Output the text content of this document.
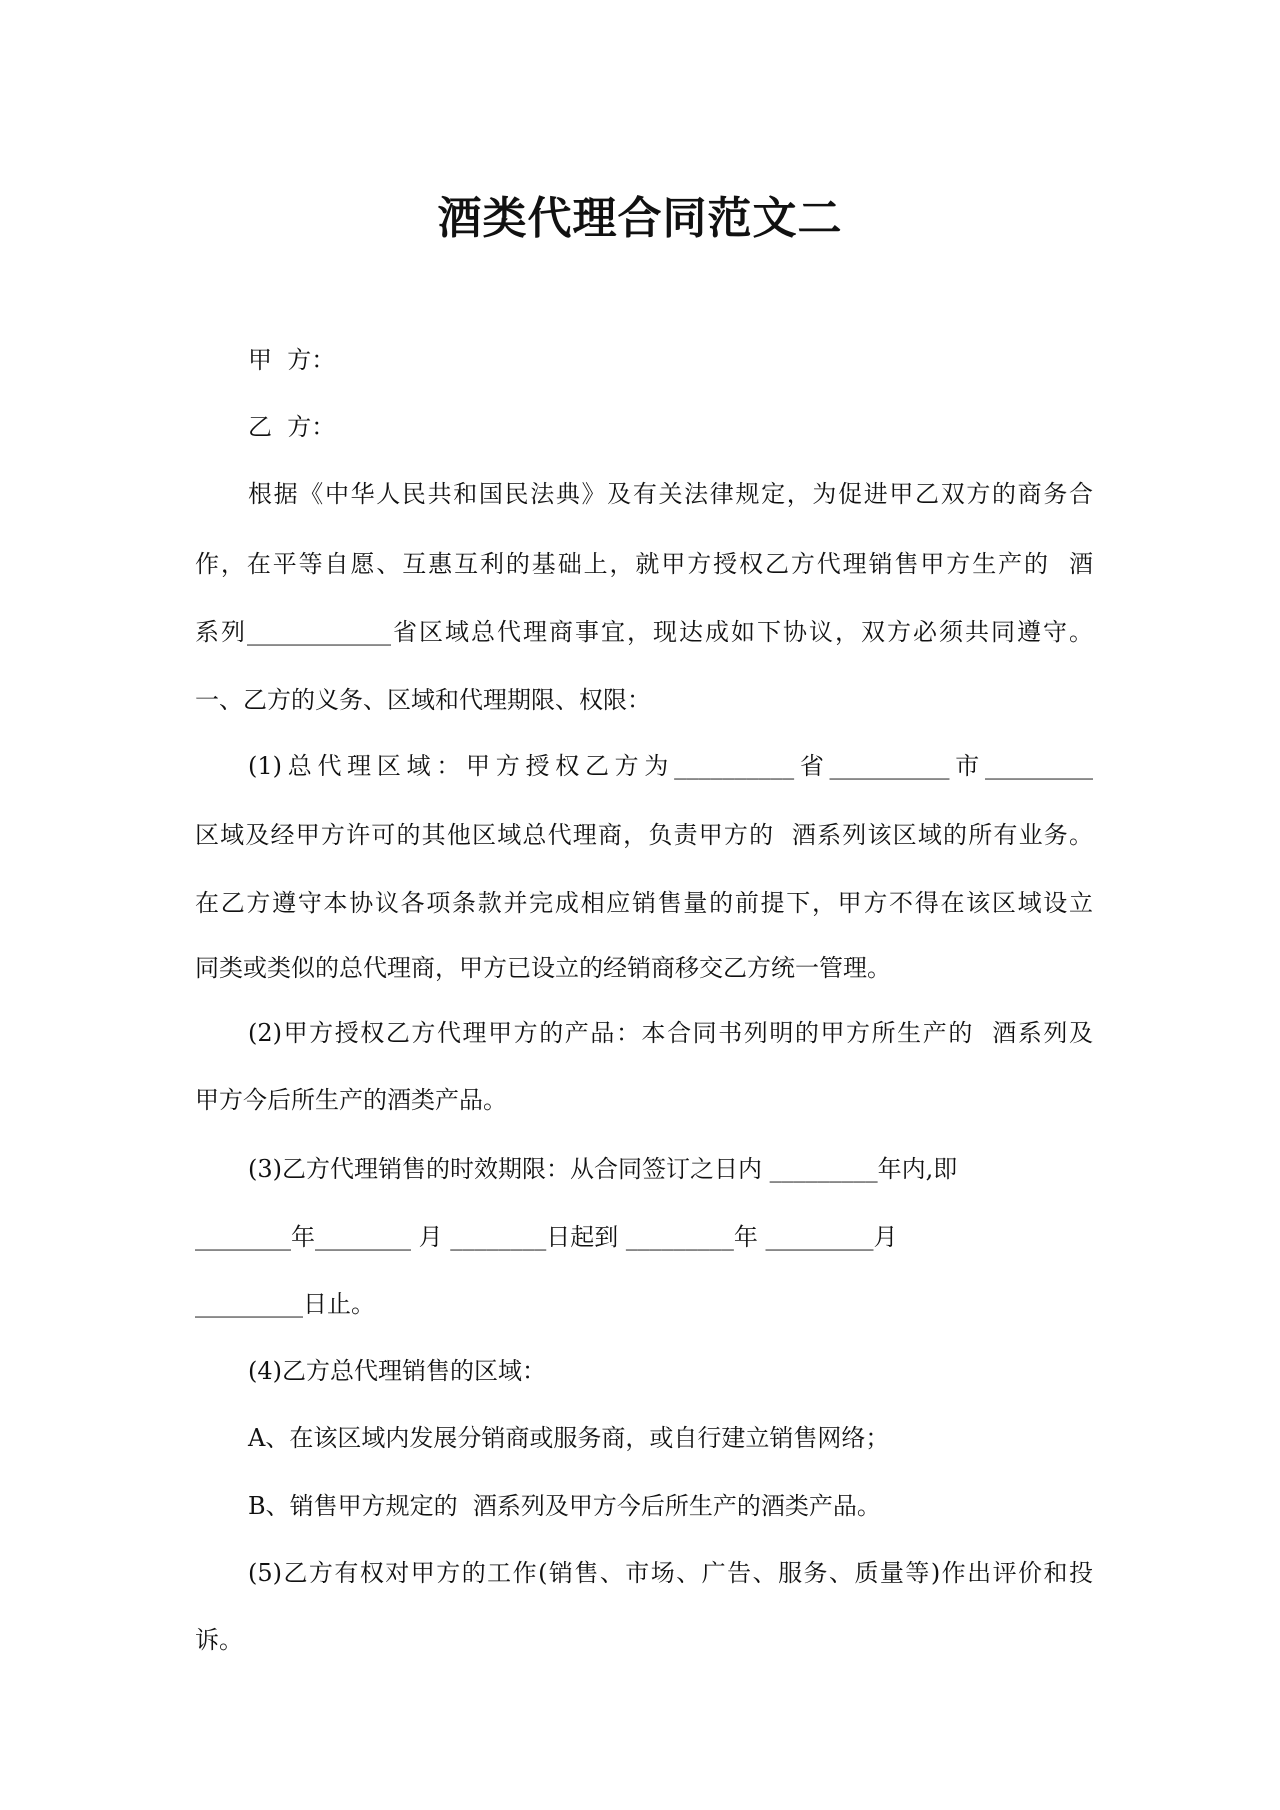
酒类代理合同范文二
甲  方：
乙  方：
根据《中华人民共和国民法典》及有关法律规定，为促进甲乙双方的商务合
作，在平等自愿、互惠互利的基础上，就甲方授权乙方代理销售甲方生产的  酒
系列____________省区域总代理商事宜，现达成如下协议，双方必须共同遵守。
一、乙方的义务、区域和代理期限、权限：
(1)总代理区域：甲方授权乙方为__________省__________市_________
区域及经甲方许可的其他区域总代理商，负责甲方的  酒系列该区域的所有业务。
在乙方遵守本协议各项条款并完成相应销售量的前提下，甲方不得在该区域设立
同类或类似的总代理商，甲方已设立的经销商移交乙方统一管理。
(2)甲方授权乙方代理甲方的产品：本合同书列明的甲方所生产的  酒系列及
甲方今后所生产的酒类产品。
(3)乙方代理销售的时效期限：从合同签订之日内 _________年内,即
________年________ 月 ________日起到 _________年 _________月
_________日止。
(4)乙方总代理销售的区域：
A、在该区域内发展分销商或服务商，或自行建立销售网络；
B、销售甲方规定的  酒系列及甲方今后所生产的酒类产品。
(5)乙方有权对甲方的工作(销售、市场、广告、服务、质量等)作出评价和投
诉。
